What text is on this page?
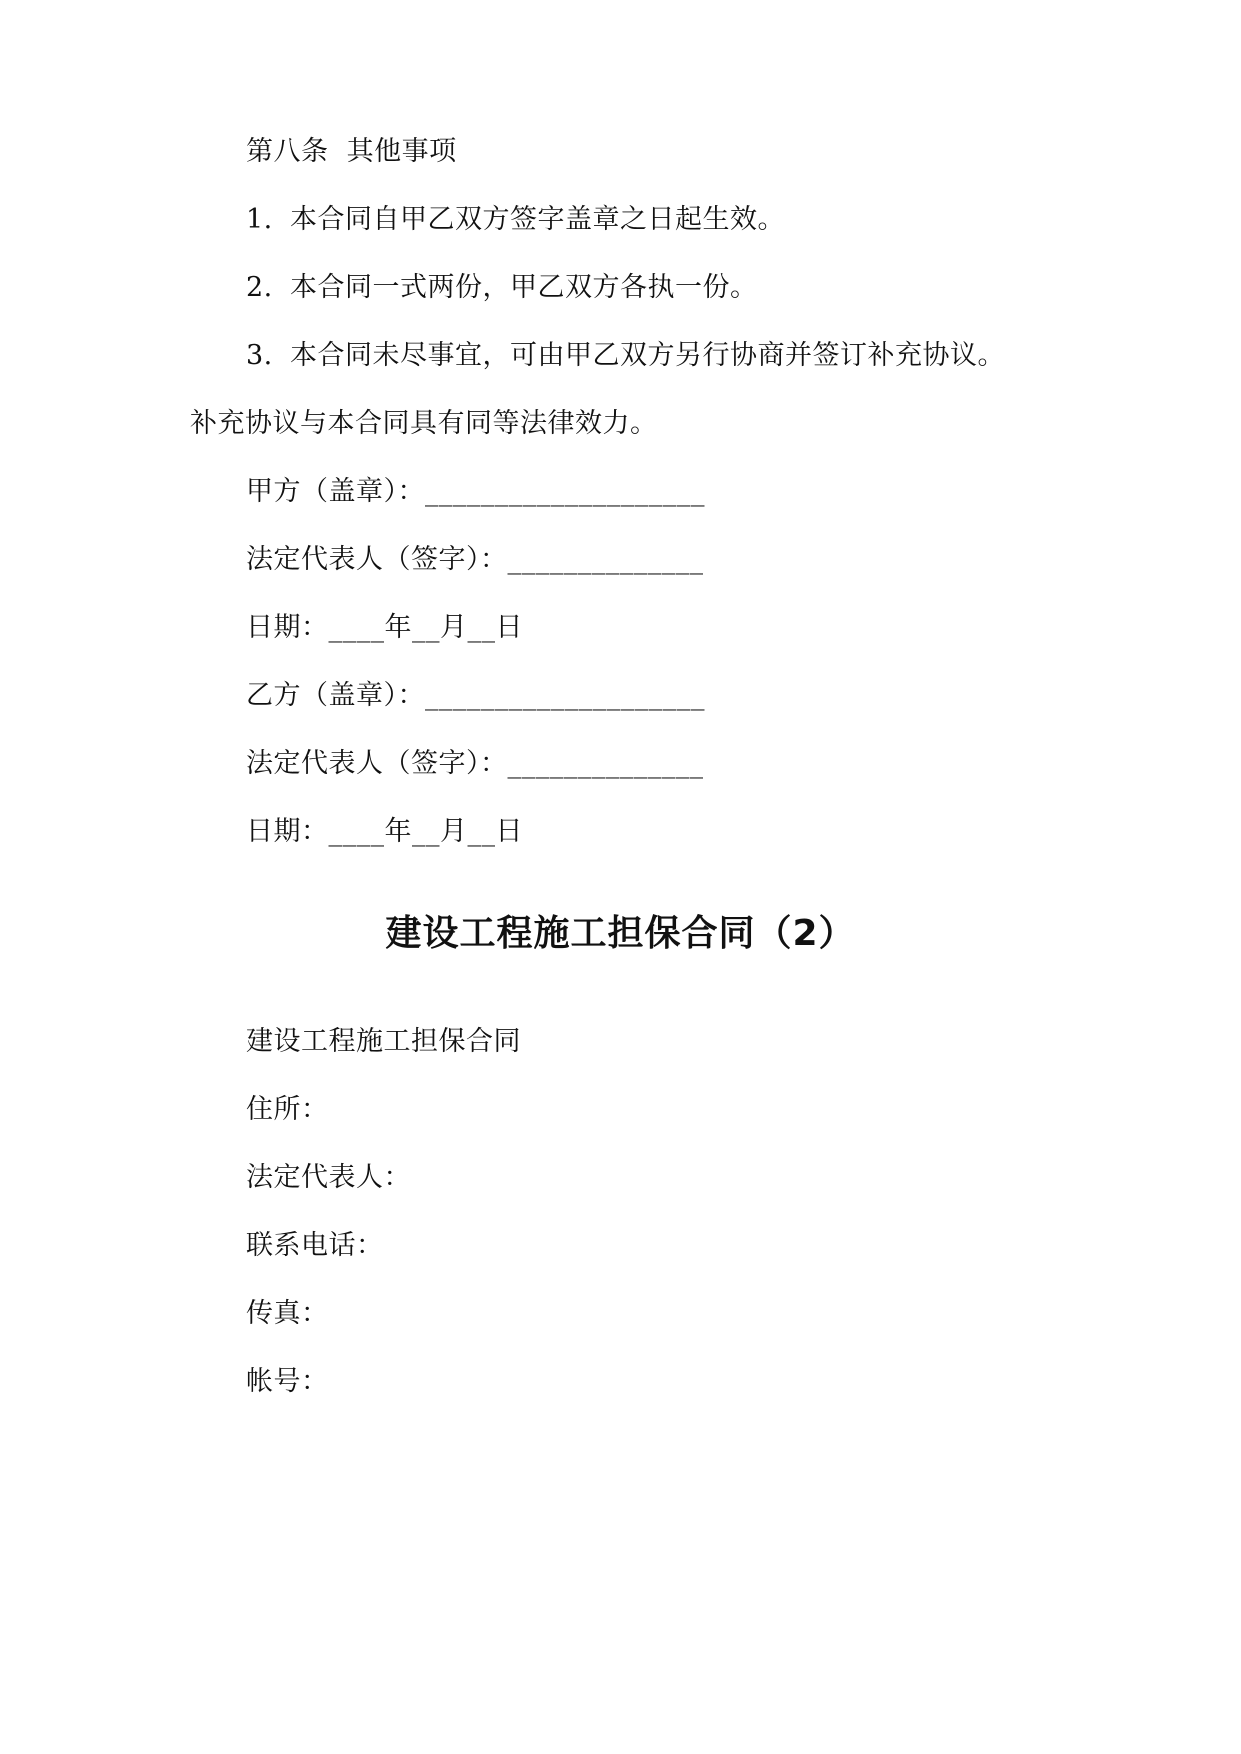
第八条  其他事项
1. 本合同自甲乙双方签字盖章之日起生效。
2. 本合同一式两份，甲乙双方各执一份。
3. 本合同未尽事宜，可由甲乙双方另行协商并签订补充协议。
补充协议与本合同具有同等法律效力。
甲方（盖章）：____________________
法定代表人（签字）：______________
日期：____年__月__日
乙方（盖章）：____________________
法定代表人（签字）：______________
日期：____年__月__日
建设工程施工担保合同（2）
建设工程施工担保合同
住所：
法定代表人：
联系电话：
传真：
帐号：
